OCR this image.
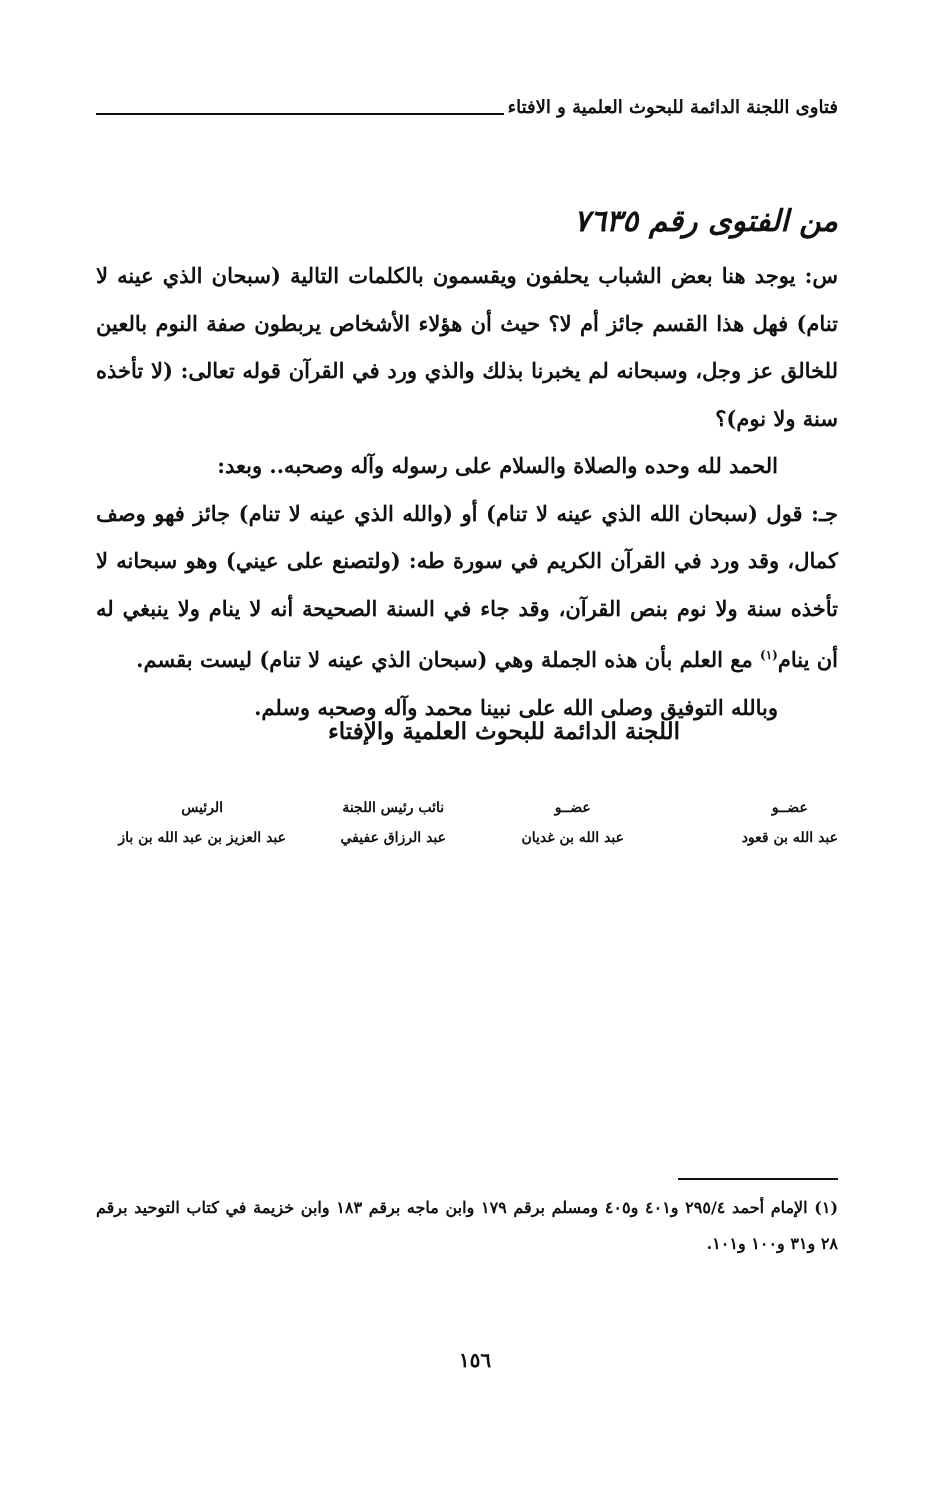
فتاوى اللجنة الدائمة للبحوث العلمية و الافتاء
من الفتوى رقم ٧٦٣٥

س: يوجد هنا بعض الشباب يحلفون ويقسمون بالكلمات التالية (سبحان الذي عينه لا تنام) فهل هذا القسم جائز أم لا؟ حيث أن هؤلاء الأشخاص يربطون صفة النوم بالعين للخالق عز وجل، وسبحانه لم يخبرنا بذلك والذي ورد في القرآن قوله تعالى: (لا تأخذه سنة ولا نوم)؟

الحمد لله وحده والصلاة والسلام على رسوله وآله وصحبه.. وبعد:

جـ: قول (سبحان الله الذي عينه لا تنام) أو (والله الذي عينه لا تنام) جائز فهو وصف كمال، وقد ورد في القرآن الكريم في سورة طه: (ولتصنع على عيني) وهو سبحانه لا تأخذه سنة ولا نوم بنص القرآن، وقد جاء في السنة الصحيحة أنه لا ينام ولا ينبغي له أن ينام$^{(١)}$ مع العلم بأن هذه الجملة وهي (سبحان الذي عينه لا تنام) ليست بقسم.

وبالله التوفيق وصلى الله على نبينا محمد وآله وصحبه وسلم.

اللجنة الدائمة للبحوث العلمية والإفتاء
عضــو
عبد الله بن قعود
عضــو
عبد الله بن غديان
نائب رئيس اللجنة
عبد الرزاق عفيفي
الرئيس
عبد العزيز بن عبد الله بن باز
(١) الإمام أحمد ٢٩٥/٤ و٤٠١ و٤٠٥ ومسلم برقم ١٧٩ وابن ماجه برقم ١٨٣ وابن خزيمة في كتاب التوحيد برقم ٢٨ و٣١ و١٠٠ و١٠١.
١٥٦
